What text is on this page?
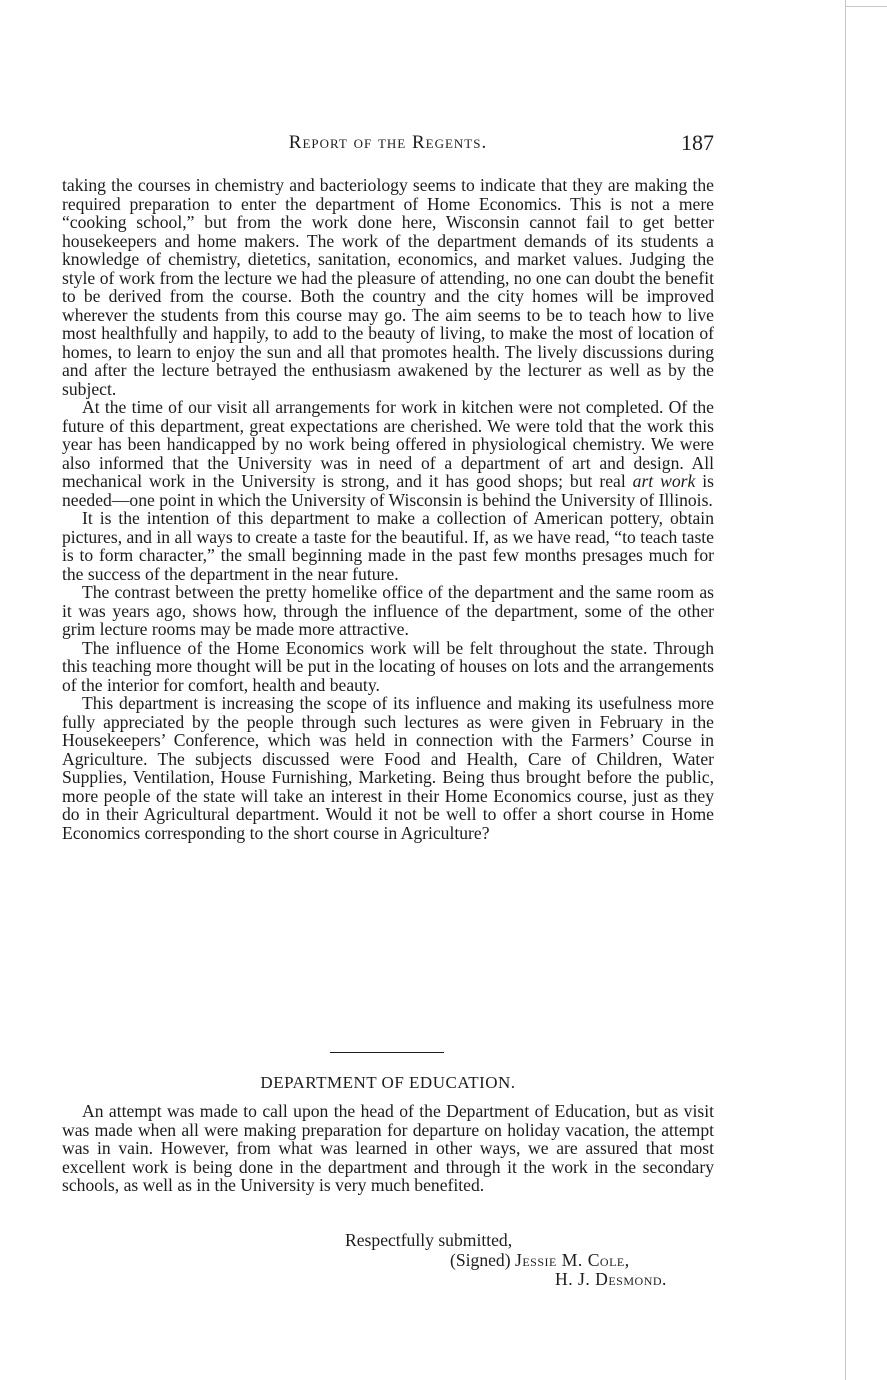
Report of the Regents.	187

taking the courses in chemistry and bacteriology seems to indicate that they are making the required preparation to enter the department of Home Economics. This is not a mere “cooking school,” but from the work done here, Wisconsin cannot fail to get better housekeepers and home makers. The work of the department demands of its students a knowledge of chemistry, dietetics, sanitation, economics, and market values. Judging the style of work from the lecture we had the pleasure of attending, no one can doubt the benefit to be derived from the course. Both the country and the city homes will be improved wherever the students from this course may go. The aim seems to be to teach how to live most healthfully and happily, to add to the beauty of living, to make the most of location of homes, to learn to enjoy the sun and all that promotes health. The lively discussions during and after the lecture betrayed the enthusiasm awakened by the lecturer as well as by the subject.

At the time of our visit all arrangements for work in kitchen were not completed. Of the future of this department, great expectations are cherished. We were told that the work this year has been handicapped by no work being offered in physiological chemistry. We were also informed that the University was in need of a department of art and design. All mechanical work in the University is strong, and it has good shops; but real art work is needed—one point in which the University of Wisconsin is behind the University of Illinois.

It is the intention of this department to make a collection of American pottery, obtain pictures, and in all ways to create a taste for the beautiful. If, as we have read, “to teach taste is to form character,” the small beginning made in the past few months presages much for the success of the department in the near future.

The contrast between the pretty homelike office of the department and the same room as it was years ago, shows how, through the influence of the department, some of the other grim lecture rooms may be made more attractive.

The influence of the Home Economics work will be felt throughout the state. Through this teaching more thought will be put in the locating of houses on lots and the arrangements of the interior for comfort, health and beauty.

This department is increasing the scope of its influence and making its usefulness more fully appreciated by the people through such lectures as were given in February in the Housekeepers’ Conference, which was held in connection with the Farmers’ Course in Agriculture. The subjects discussed were Food and Health, Care of Children, Water Supplies, Ventilation, House Furnishing, Marketing. Being thus brought before the public, more people of the state will take an interest in their Home Economics course, just as they do in their Agricultural department. Would it not be well to offer a short course in Home Economics corresponding to the short course in Agriculture?

DEPARTMENT OF EDUCATION.

An attempt was made to call upon the head of the Department of Education, but as visit was made when all were making preparation for departure on holiday vacation, the attempt was in vain. However, from what was learned in other ways, we are assured that most excellent work is being done in the department and through it the work in the secondary schools, as well as in the University is very much benefited.

Respectfully submitted,
(Signed) Jessie M. Cole,
H. J. Desmond.
